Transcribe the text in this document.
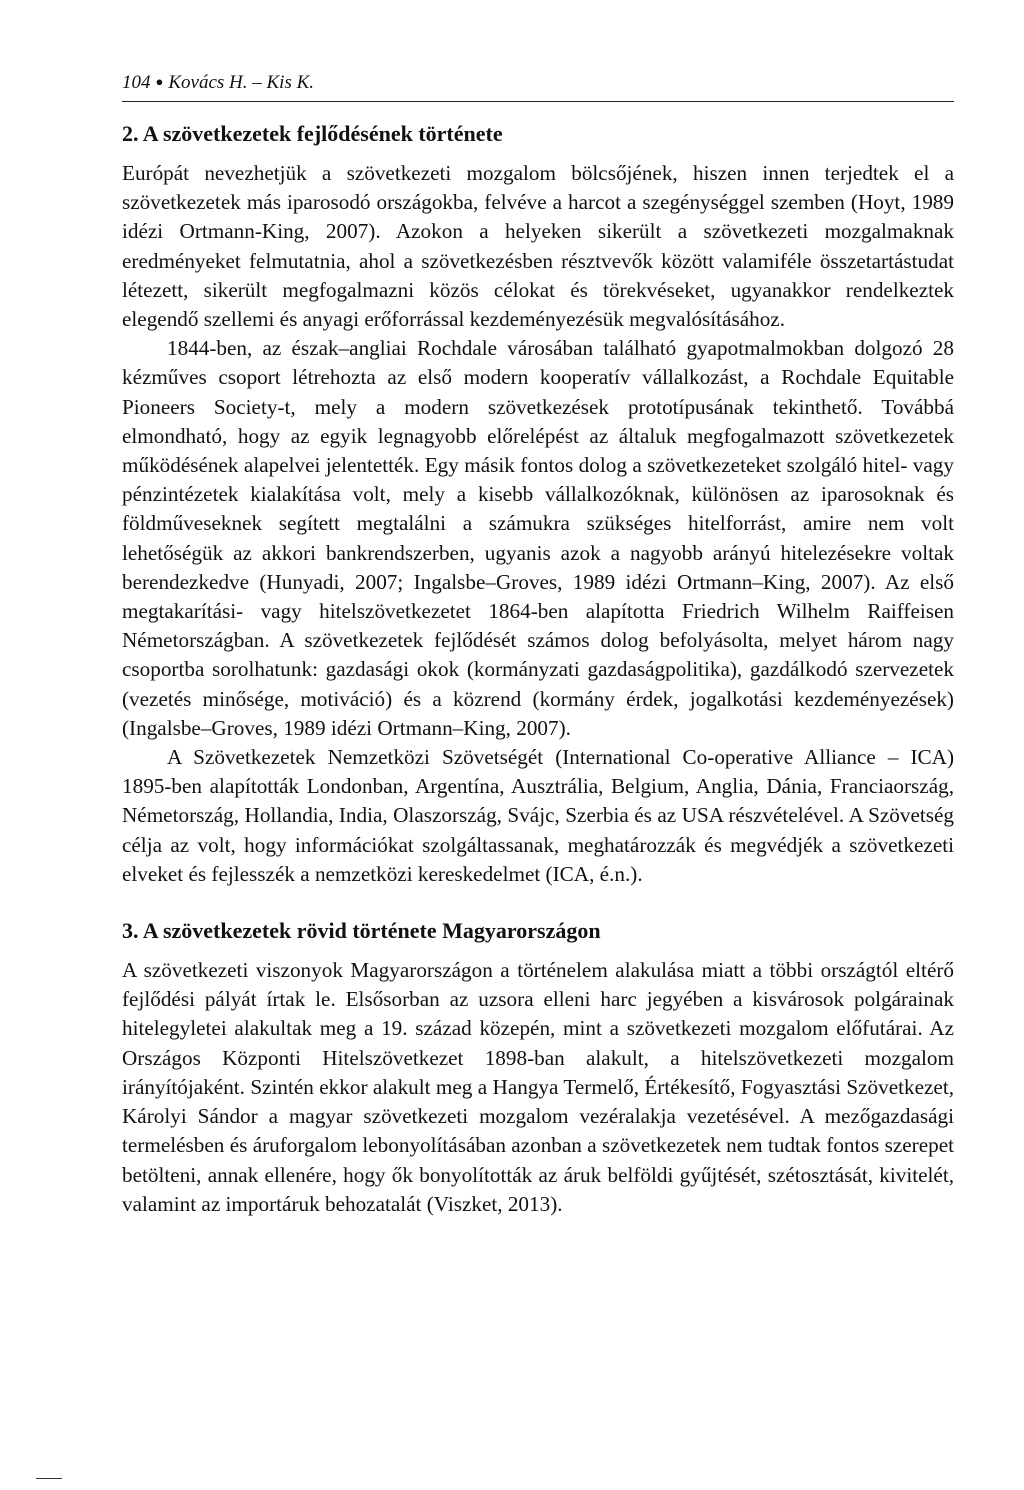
104 ● Kovács H. – Kis K.
2. A szövetkezetek fejlődésének története

Európát nevezhetjük a szövetkezeti mozgalom bölcsőjének, hiszen innen terjedtek el a szövetkezetek más iparosodó országokba, felvéve a harcot a szegénységgel szemben (Hoyt, 1989 idézi Ortmann-King, 2007). Azokon a helyeken sikerült a szövetkezeti mozgalmaknak eredményeket felmutatnia, ahol a szövetkezésben résztvevők között valamiféle összetartástudat létezett, sikerült megfogalmazni közös célokat és törekvéseket, ugyanakkor rendelkeztek elegendő szellemi és anyagi erőforrással kezdeményezésük megvalósításához.

1844-ben, az észak–angliai Rochdale városában található gyapotmalmokban dolgozó 28 kézműves csoport létrehozta az első modern kooperatív vállalkozást, a Rochdale Equitable Pioneers Society-t, mely a modern szövetkezések prototípusának tekinthető. Továbbá elmondható, hogy az egyik legnagyobb előrelépést az általuk megfogalmazott szövetkezetek működésének alapelvei jelentették. Egy másik fontos dolog a szövetkezeteket szolgáló hitel- vagy pénzintézetek kialakítása volt, mely a kisebb vállalkozóknak, különösen az iparosoknak és földműveseknek segített megtalálni a számukra szükséges hitelforrást, amire nem volt lehetőségük az akkori bankrendszerben, ugyanis azok a nagyobb arányú hitelezésekre voltak berendezkedve (Hunyadi, 2007; Ingalsbe–Groves, 1989 idézi Ortmann–King, 2007). Az első megtakarítási- vagy hitelszövetkezetet 1864-ben alapította Friedrich Wilhelm Raiffeisen Németországban. A szövetkezetek fejlődését számos dolog befolyásolta, melyet három nagy csoportba sorolhatunk: gazdasági okok (kormányzati gazdaságpolitika), gazdálkodó szervezetek (vezetés minősége, motiváció) és a közrend (kormány érdek, jogalkotási kezdeményezések) (Ingalsbe–Groves, 1989 idézi Ortmann–King, 2007).

A Szövetkezetek Nemzetközi Szövetségét (International Co-operative Alliance – ICA) 1895-ben alapították Londonban, Argentína, Ausztrália, Belgium, Anglia, Dánia, Franciaország, Németország, Hollandia, India, Olaszország, Svájc, Szerbia és az USA részvételével. A Szövetség célja az volt, hogy információkat szolgáltassanak, meghatározzák és megvédjék a szövetkezeti elveket és fejlesszék a nemzetközi kereskedelmet (ICA, é.n.).

3. A szövetkezetek rövid története Magyarországon

A szövetkezeti viszonyok Magyarországon a történelem alakulása miatt a többi országtól eltérő fejlődési pályát írtak le. Elsősorban az uzsora elleni harc jegyében a kisvárosok polgárainak hitelegyletei alakultak meg a 19. század közepén, mint a szövetkezeti mozgalom előfutárai. Az Országos Központi Hitelszövetkezet 1898-ban alakult, a hitelszövetkezeti mozgalom irányítójaként. Szintén ekkor alakult meg a Hangya Termelő, Értékesítő, Fogyasztási Szövetkezet, Károlyi Sándor a magyar szövetkezeti mozgalom vezéralakja vezetésével. A mezőgazdasági termelésben és áruforgalom lebonyolításában azonban a szövetkezetek nem tudtak fontos szerepet betölteni, annak ellenére, hogy ők bonyolították az áruk belföldi gyűjtését, szétosztását, kivitelét, valamint az importáruk behozatalát (Viszket, 2013).
